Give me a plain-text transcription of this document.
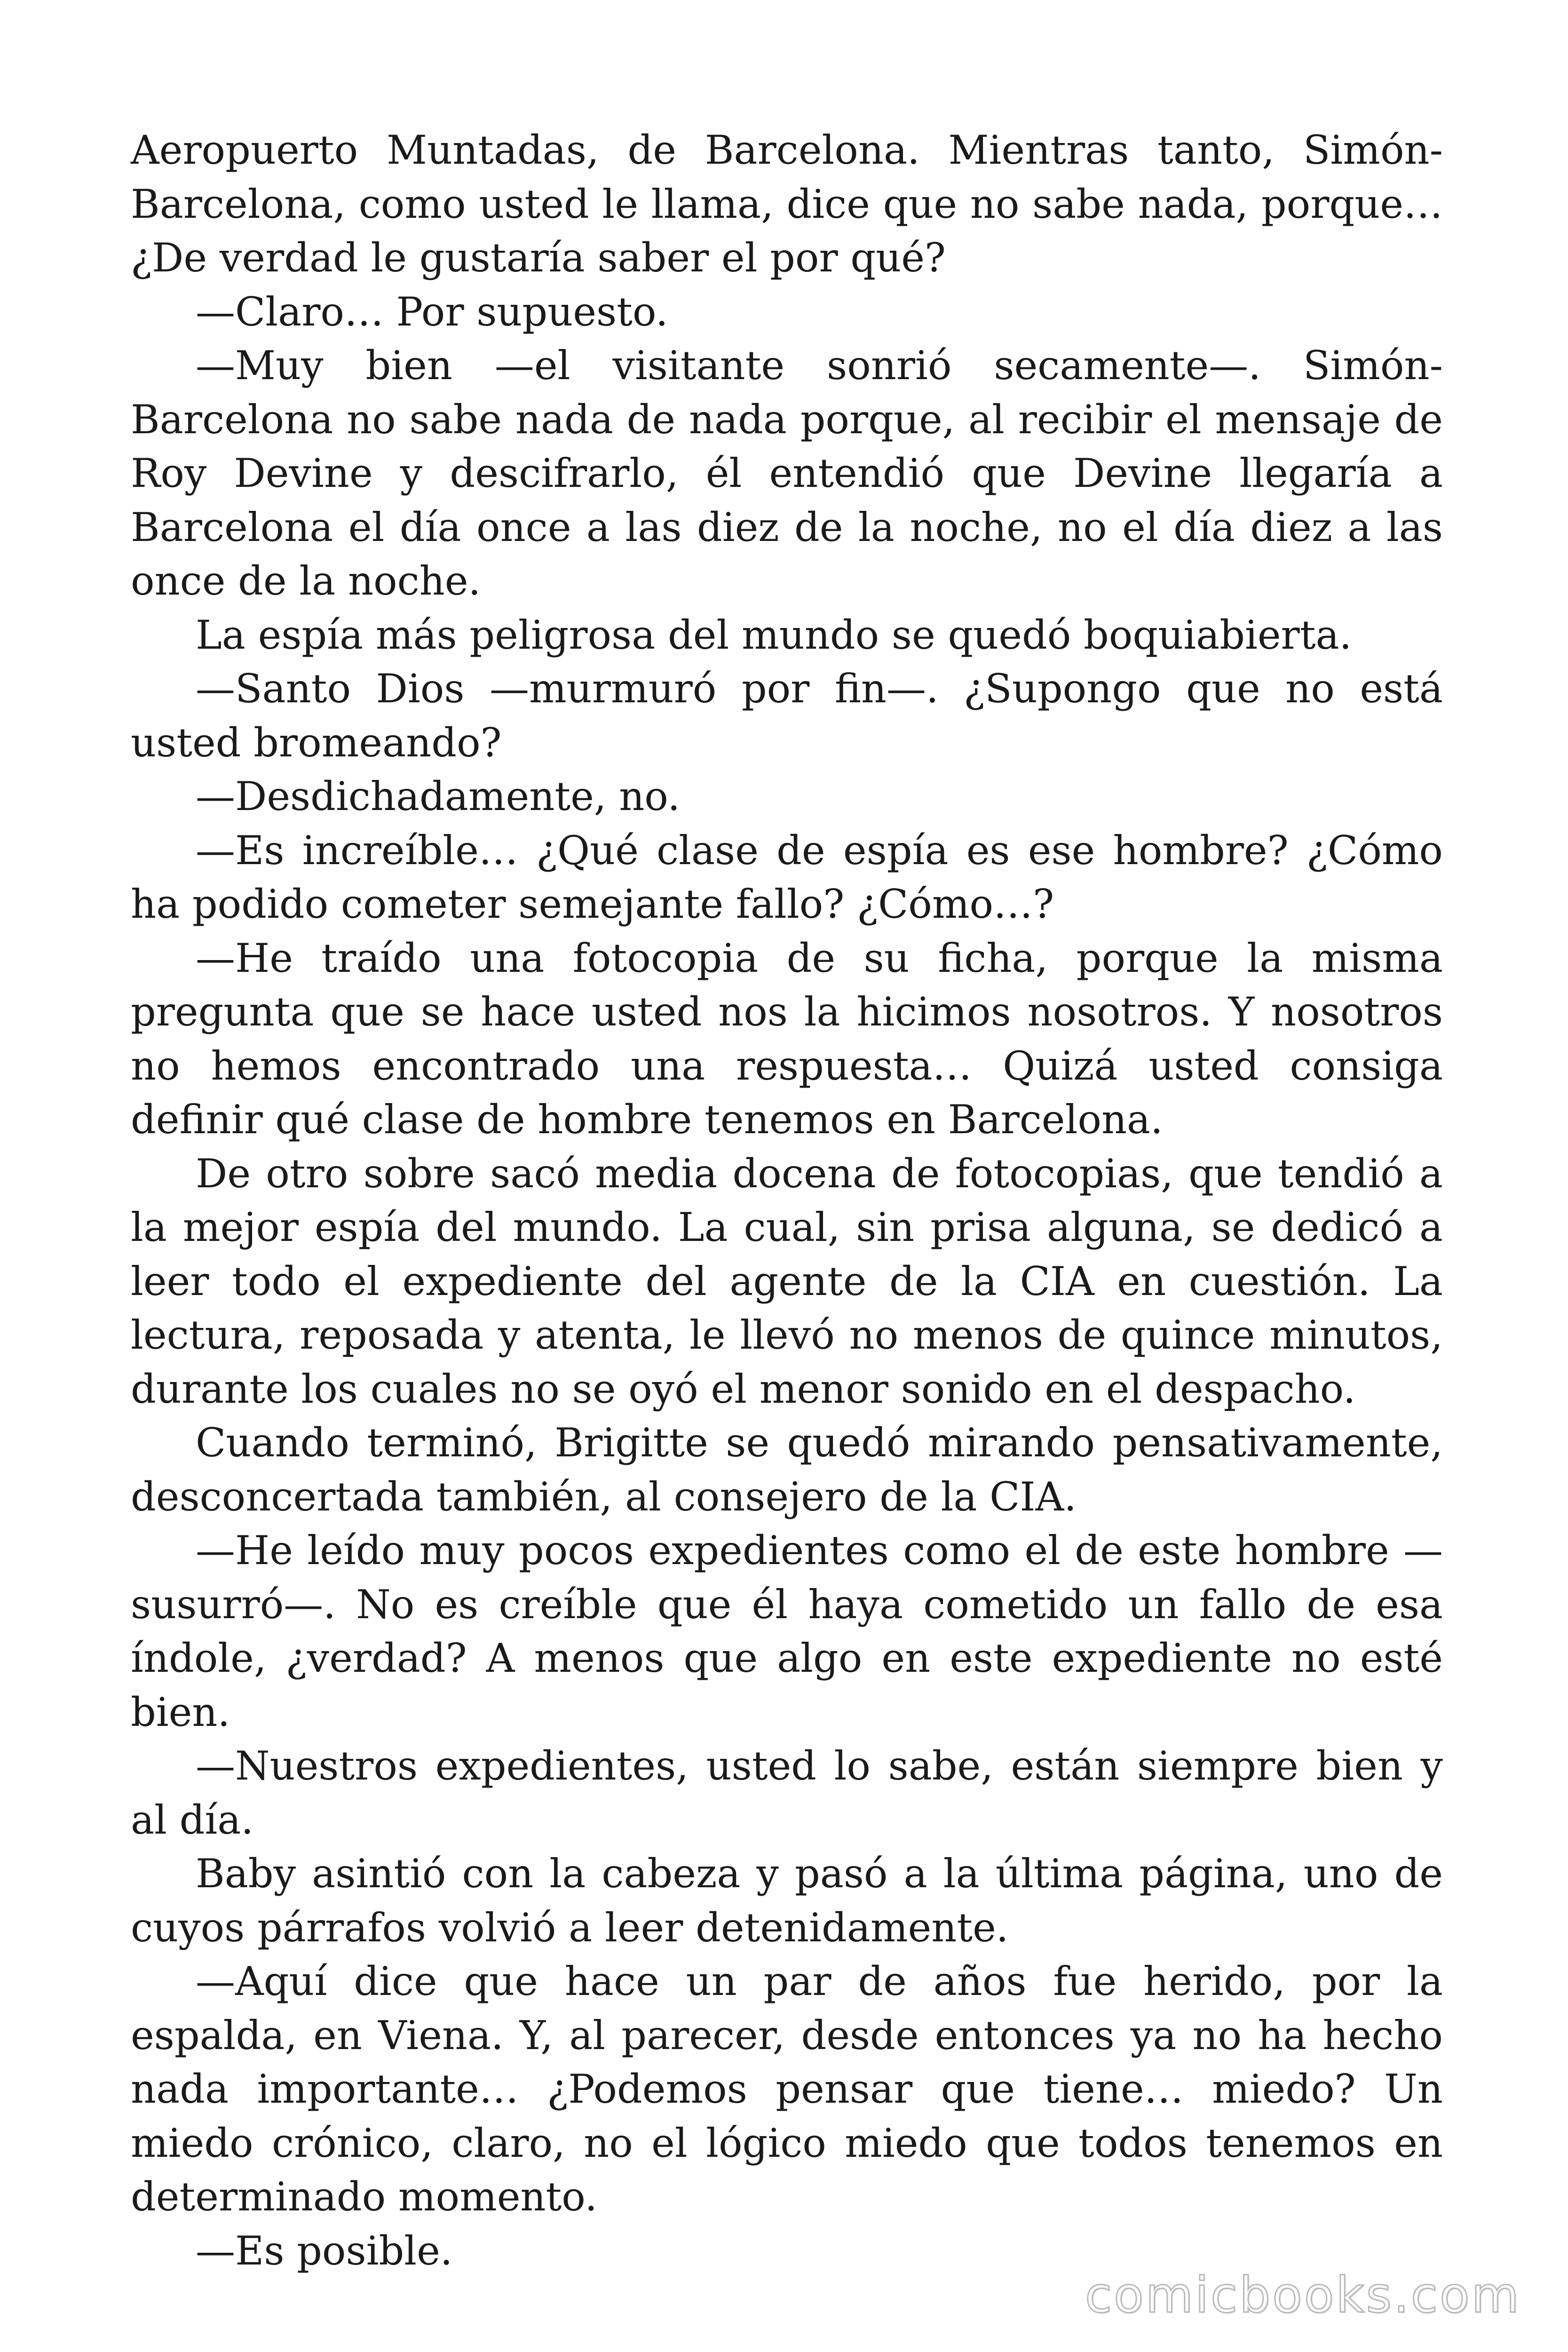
Aeropuerto Muntadas, de Barcelona. Mientras tanto, Simón-Barcelona, como usted le llama, dice que no sabe nada, porque… ¿De verdad le gustaría saber el por qué?

—Claro… Por supuesto.

—Muy bien —el visitante sonrió secamente—. Simón-Barcelona no sabe nada de nada porque, al recibir el mensaje de Roy Devine y descifrarlo, él entendió que Devine llegaría a Barcelona el día once a las diez de la noche, no el día diez a las once de la noche.

La espía más peligrosa del mundo se quedó boquiabierta.

—Santo Dios —murmuró por fin—. ¿Supongo que no está usted bromeando?

—Desdichadamente, no.

—Es increíble… ¿Qué clase de espía es ese hombre? ¿Cómo ha podido cometer semejante fallo? ¿Cómo…?

—He traído una fotocopia de su ficha, porque la misma pregunta que se hace usted nos la hicimos nosotros. Y nosotros no hemos encontrado una respuesta… Quizá usted consiga definir qué clase de hombre tenemos en Barcelona.

De otro sobre sacó media docena de fotocopias, que tendió a la mejor espía del mundo. La cual, sin prisa alguna, se dedicó a leer todo el expediente del agente de la CIA en cuestión. La lectura, reposada y atenta, le llevó no menos de quince minutos, durante los cuales no se oyó el menor sonido en el despacho.

Cuando terminó, Brigitte se quedó mirando pensativamente, desconcertada también, al consejero de la CIA.

—He leído muy pocos expedientes como el de este hombre —susurró—. No es creíble que él haya cometido un fallo de esa índole, ¿verdad? A menos que algo en este expediente no esté bien.

—Nuestros expedientes, usted lo sabe, están siempre bien y al día.

Baby asintió con la cabeza y pasó a la última página, uno de cuyos párrafos volvió a leer detenidamente.

—Aquí dice que hace un par de años fue herido, por la espalda, en Viena. Y, al parecer, desde entonces ya no ha hecho nada importante… ¿Podemos pensar que tiene… miedo? Un miedo crónico, claro, no el lógico miedo que todos tenemos en determinado momento.

—Es posible.

comicbooks.com
